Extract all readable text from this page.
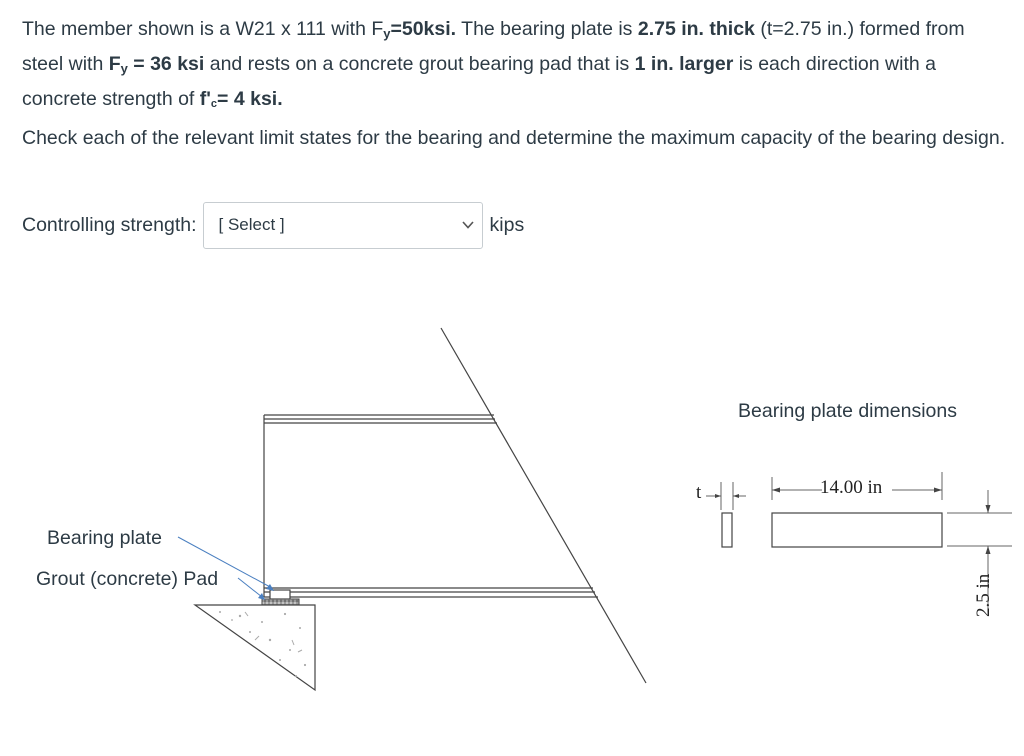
The member shown is a W21 x 111 with Fy=50ksi. The bearing plate is 2.75 in. thick (t=2.75 in.) formed from steel with Fy = 36 ksi and rests on a concrete grout bearing pad that is 1 in. larger is each direction with a concrete strength of f'c= 4 ksi.

Check each of the relevant limit states for the bearing and determine the maximum capacity of the bearing design.

Controlling strength: [ Select ]	kips
Bearing plate
Grout (concrete) Pad
Bearing plate dimensions
t	14.00 in
2.5 in
